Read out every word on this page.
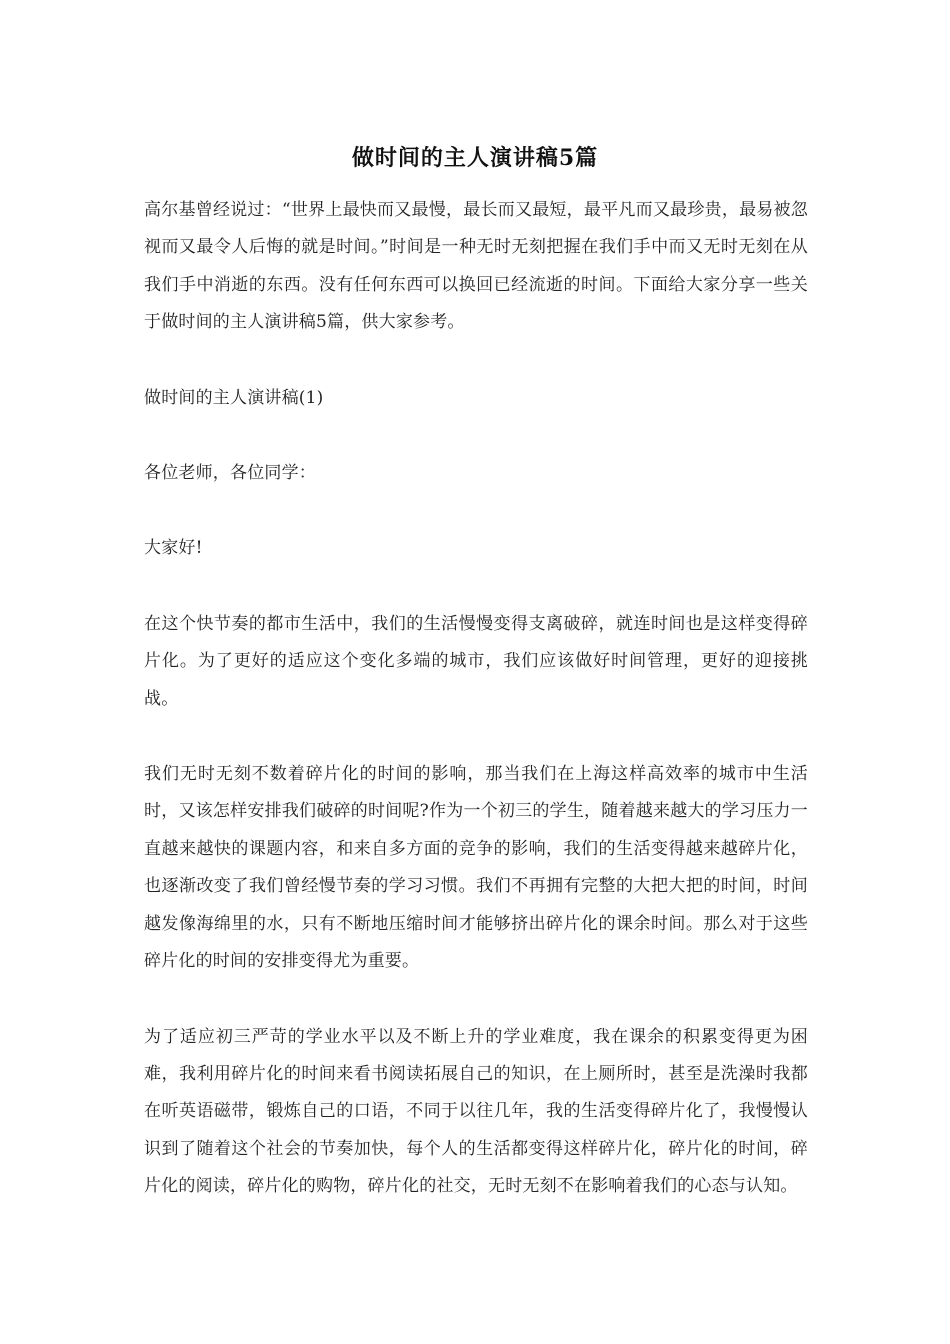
做时间的主人演讲稿5篇

高尔基曾经说过：“世界上最快而又最慢，最长而又最短，最平凡而又最珍贵，最易被忽视而又最令人后悔的就是时间。”时间是一种无时无刻把握在我们手中而又无时无刻在从我们手中消逝的东西。没有任何东西可以换回已经流逝的时间。下面给大家分享一些关于做时间的主人演讲稿5篇，供大家参考。

做时间的主人演讲稿(1)

各位老师，各位同学：

大家好!

在这个快节奏的都市生活中，我们的生活慢慢变得支离破碎，就连时间也是这样变得碎片化。为了更好的适应这个变化多端的城市，我们应该做好时间管理，更好的迎接挑战。

我们无时无刻不数着碎片化的时间的影响，那当我们在上海这样高效率的城市中生活时，又该怎样安排我们破碎的时间呢?作为一个初三的学生，随着越来越大的学习压力一直越来越快的课题内容，和来自多方面的竞争的影响，我们的生活变得越来越碎片化，也逐渐改变了我们曾经慢节奏的学习习惯。我们不再拥有完整的大把大把的时间，时间越发像海绵里的水，只有不断地压缩时间才能够挤出碎片化的课余时间。那么对于这些碎片化的时间的安排变得尤为重要。

为了适应初三严苛的学业水平以及不断上升的学业难度，我在课余的积累变得更为困难，我利用碎片化的时间来看书阅读拓展自己的知识，在上厕所时，甚至是洗澡时我都在听英语磁带，锻炼自己的口语，不同于以往几年，我的生活变得碎片化了，我慢慢认识到了随着这个社会的节奏加快，每个人的生活都变得这样碎片化，碎片化的时间，碎片化的阅读，碎片化的购物，碎片化的社交，无时无刻不在影响着我们的心态与认知。
